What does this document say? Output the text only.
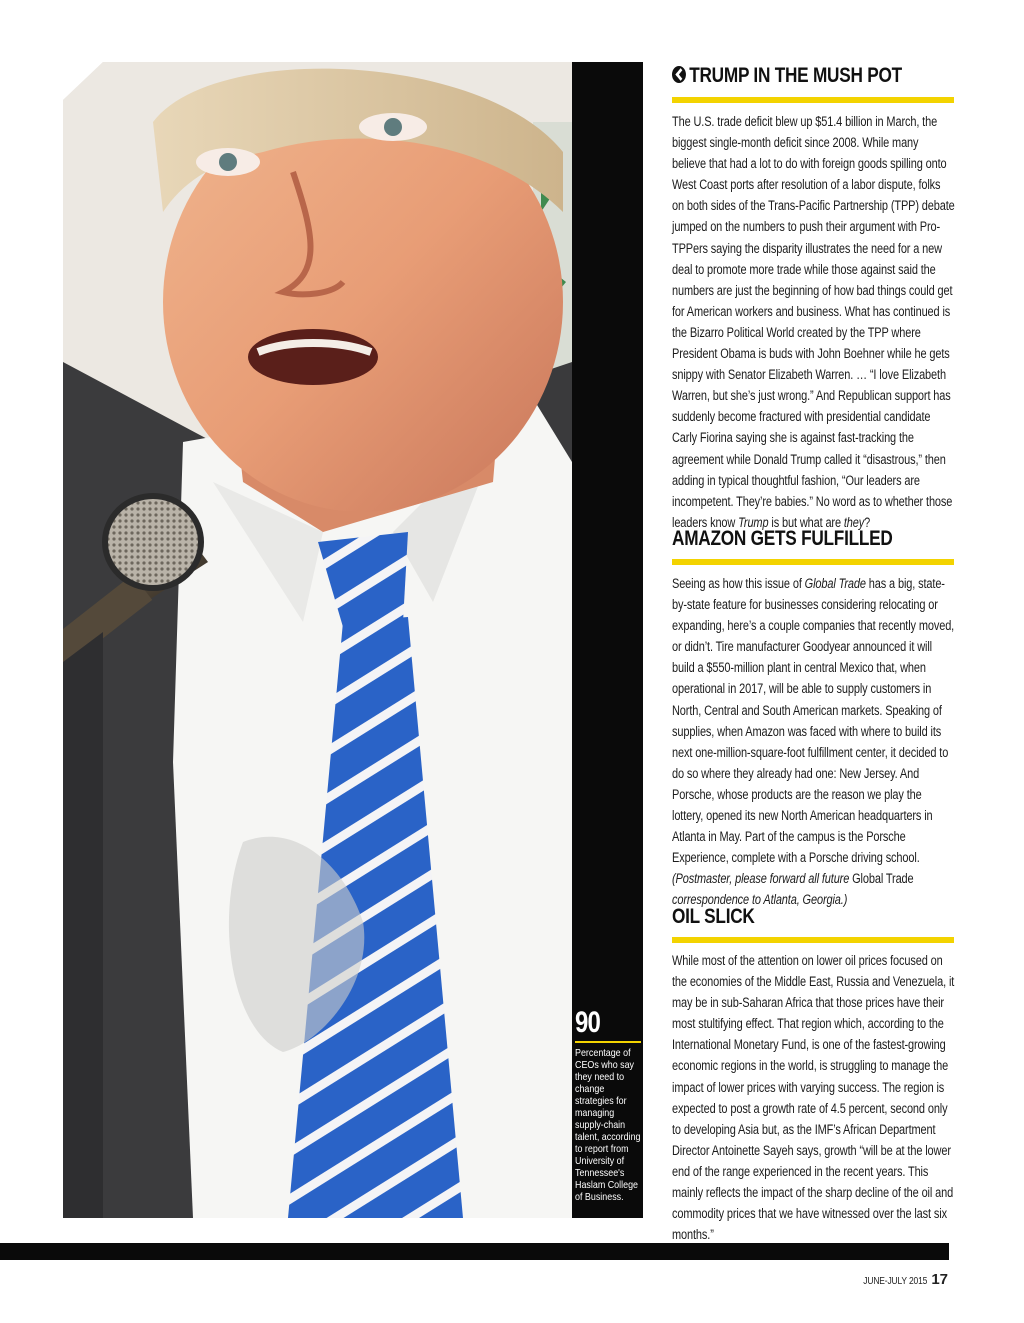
90
Percentage of CEOs who say they need to change strategies for managing supply-chain talent, according to report from University of Tennessee's Haslam College of Business.
TRUMP IN THE MUSH POT

The U.S. trade deficit blew up $51.4 billion in March, the biggest single-month deficit since 2008. While many believe that had a lot to do with foreign goods spilling onto West Coast ports after resolution of a labor dispute, folks on both sides of the Trans-Pacific Partnership (TPP) debate jumped on the numbers to push their argument with Pro-TPPers saying the disparity illustrates the need for a new deal to promote more trade while those against said the numbers are just the beginning of how bad things could get for American workers and business. What has continued is the Bizarro Political World created by the TPP where President Obama is buds with John Boehner while he gets snippy with Senator Elizabeth Warren. … “I love Elizabeth Warren, but she’s just wrong.” And Republican support has suddenly become fractured with presidential candidate Carly Fiorina saying she is against fast-tracking the agreement while Donald Trump called it “disastrous,” then adding in typical thoughtful fashion, “Our leaders are incompetent. They’re babies.” No word as to whether those leaders know Trump is but what are they?

AMAZON GETS FULFILLED

Seeing as how this issue of Global Trade has a big, state-by-state feature for businesses considering relocating or expanding, here’s a couple companies that recently moved, or didn’t. Tire manufacturer Goodyear announced it will build a $550-million plant in central Mexico that, when operational in 2017, will be able to supply customers in North, Central and South American markets. Speaking of supplies, when Amazon was faced with where to build its next one-million-square-foot fulfillment center, it decided to do so where they already had one: New Jersey. And Porsche, whose products are the reason we play the lottery, opened its new North American headquarters in Atlanta in May. Part of the campus is the Porsche Experience, complete with a Porsche driving school. (Postmaster, please forward all future Global Trade correspondence to Atlanta, Georgia.)

OIL SLICK

While most of the attention on lower oil prices focused on the economies of the Middle East, Russia and Venezuela, it may be in sub-Saharan Africa that those prices have their most stultifying effect. That region which, according to the International Monetary Fund, is one of the fastest-growing economic regions in the world, is struggling to manage the impact of lower prices with varying success. The region is expected to post a growth rate of 4.5 percent, second only to developing Asia but, as the IMF’s African Department Director Antoinette Sayeh says, growth “will be at the lower end of the range experienced in the recent years. This mainly reflects the impact of the sharp decline of the oil and commodity prices that we have witnessed over the last six months.”

JUNE-JULY 2015 17
